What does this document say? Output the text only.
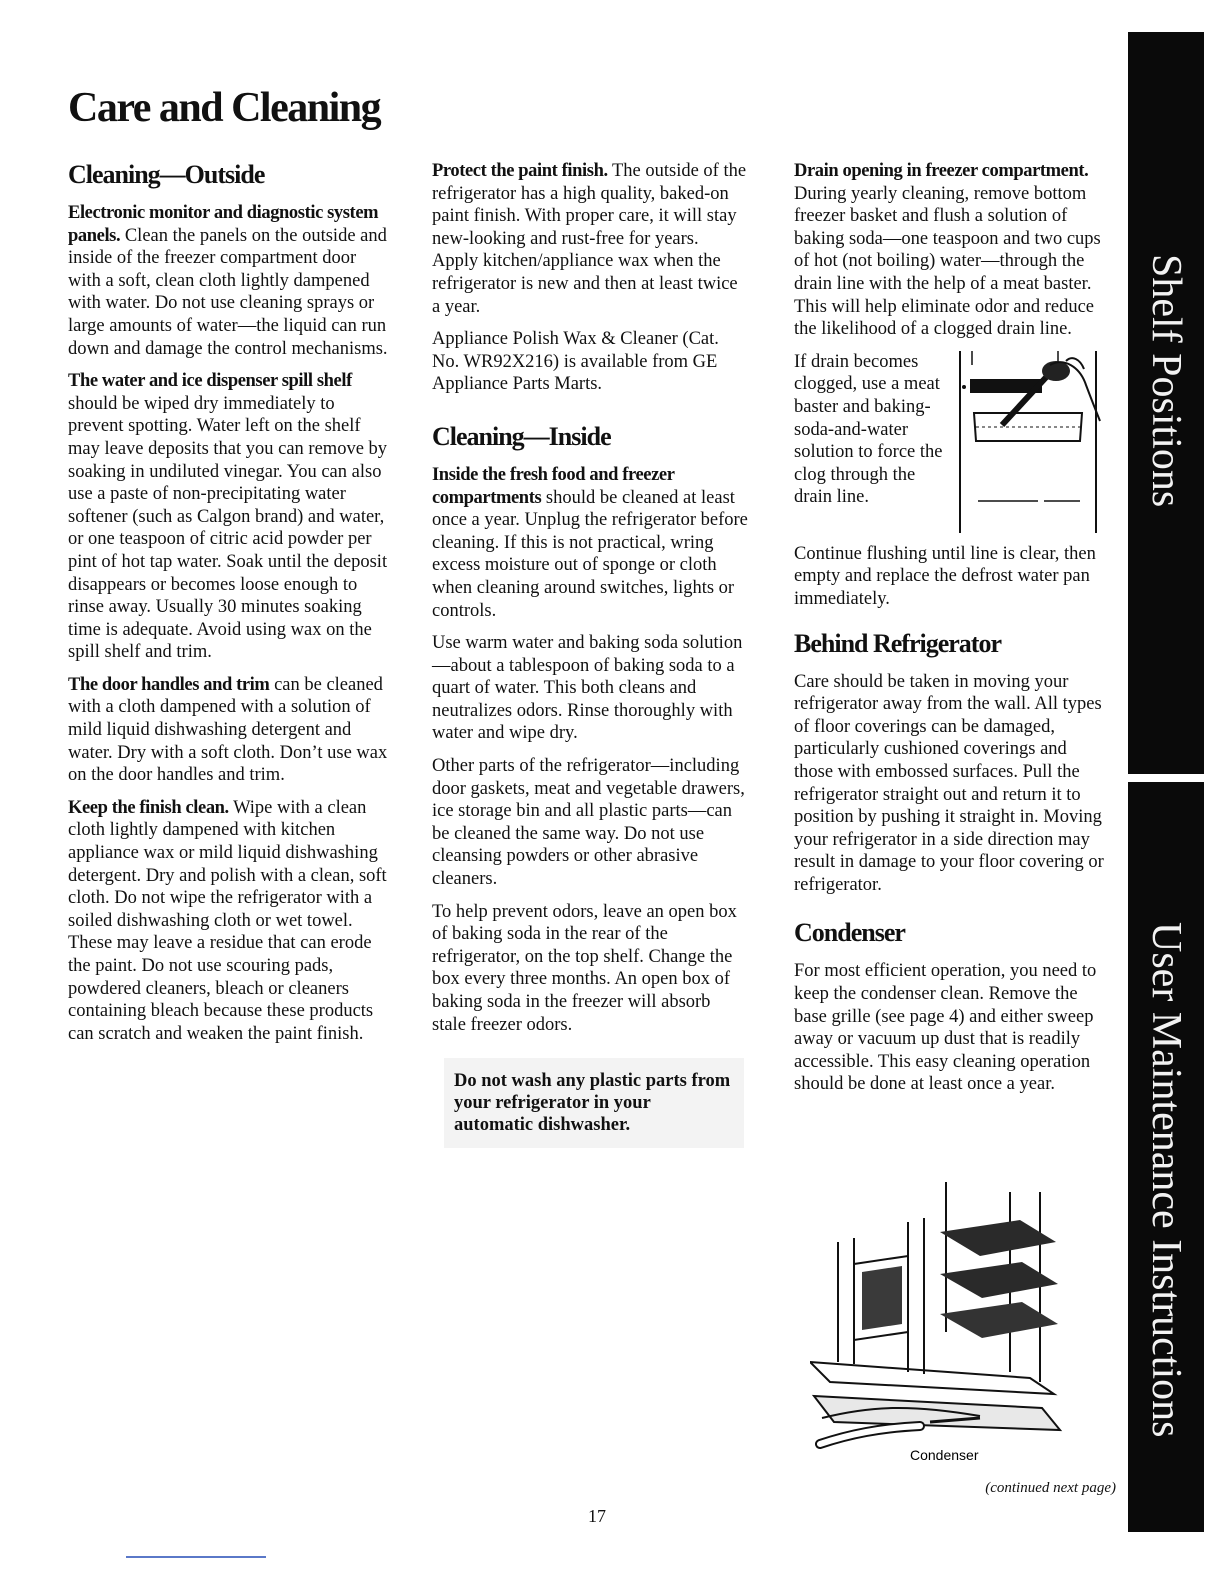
Care and Cleaning
Cleaning—Outside

Electronic monitor and diagnostic system panels. Clean the panels on the outside and inside of the freezer compartment door with a soft, clean cloth lightly dampened with water. Do not use cleaning sprays or large amounts of water—the liquid can run down and damage the control mechanisms.

The water and ice dispenser spill shelf should be wiped dry immediately to prevent spotting. Water left on the shelf may leave deposits that you can remove by soaking in undiluted vinegar. You can also use a paste of non-precipitating water softener (such as Calgon brand) and water, or one teaspoon of citric acid powder per pint of hot tap water. Soak until the deposit disappears or becomes loose enough to rinse away. Usually 30 minutes soaking time is adequate. Avoid using wax on the spill shelf and trim.

The door handles and trim can be cleaned with a cloth dampened with a solution of mild liquid dishwashing detergent and water. Dry with a soft cloth. Don’t use wax on the door handles and trim.

Keep the finish clean. Wipe with a clean cloth lightly dampened with kitchen appliance wax or mild liquid dishwashing detergent. Dry and polish with a clean, soft cloth. Do not wipe the refrigerator with a soiled dishwashing cloth or wet towel. These may leave a residue that can erode the paint. Do not use scouring pads, powdered cleaners, bleach or cleaners containing bleach because these products can scratch and weaken the paint finish.

Protect the paint finish. The outside of the refrigerator has a high quality, baked-on paint finish. With proper care, it will stay new-looking and rust-free for years. Apply kitchen/appliance wax when the refrigerator is new and then at least twice a year.

Appliance Polish Wax & Cleaner (Cat. No. WR92X216) is available from GE Appliance Parts Marts.

Cleaning—Inside

Inside the fresh food and freezer compartments should be cleaned at least once a year. Unplug the refrigerator before cleaning. If this is not practical, wring excess moisture out of sponge or cloth when cleaning around switches, lights or controls.

Use warm water and baking soda solution—about a tablespoon of baking soda to a quart of water. This both cleans and neutralizes odors. Rinse thoroughly with water and wipe dry.

Other parts of the refrigerator—including door gaskets, meat and vegetable drawers, ice storage bin and all plastic parts—can be cleaned the same way. Do not use cleansing powders or other abrasive cleaners.

To help prevent odors, leave an open box of baking soda in the rear of the refrigerator, on the top shelf. Change the box every three months. An open box of baking soda in the freezer will absorb stale freezer odors.

Do not wash any plastic parts from your refrigerator in your automatic dishwasher.

Drain opening in freezer compartment. During yearly cleaning, remove bottom freezer basket and flush a solution of baking soda—one teaspoon and two cups of hot (not boiling) water—through the drain line with the help of a meat baster. This will help eliminate odor and reduce the likelihood of a clogged drain line.

If drain becomes clogged, use a meat baster and baking-soda-and-water solution to force the clog through the drain line.

Continue flushing until line is clear, then empty and replace the defrost water pan immediately.

Behind Refrigerator

Care should be taken in moving your refrigerator away from the wall. All types of floor coverings can be damaged, particularly cushioned coverings and those with embossed surfaces. Pull the refrigerator straight out and return it to position by pushing it straight in. Moving your refrigerator in a side direction may result in damage to your floor covering or refrigerator.

Condenser

For most efficient operation, you need to keep the condenser clean. Remove the base grille (see page 4) and either sweep away or vacuum up dust that is readily accessible. This easy cleaning operation should be done at least once a year.

Condenser
(continued next page)
17
Shelf Positions
User Maintenance Instructions
